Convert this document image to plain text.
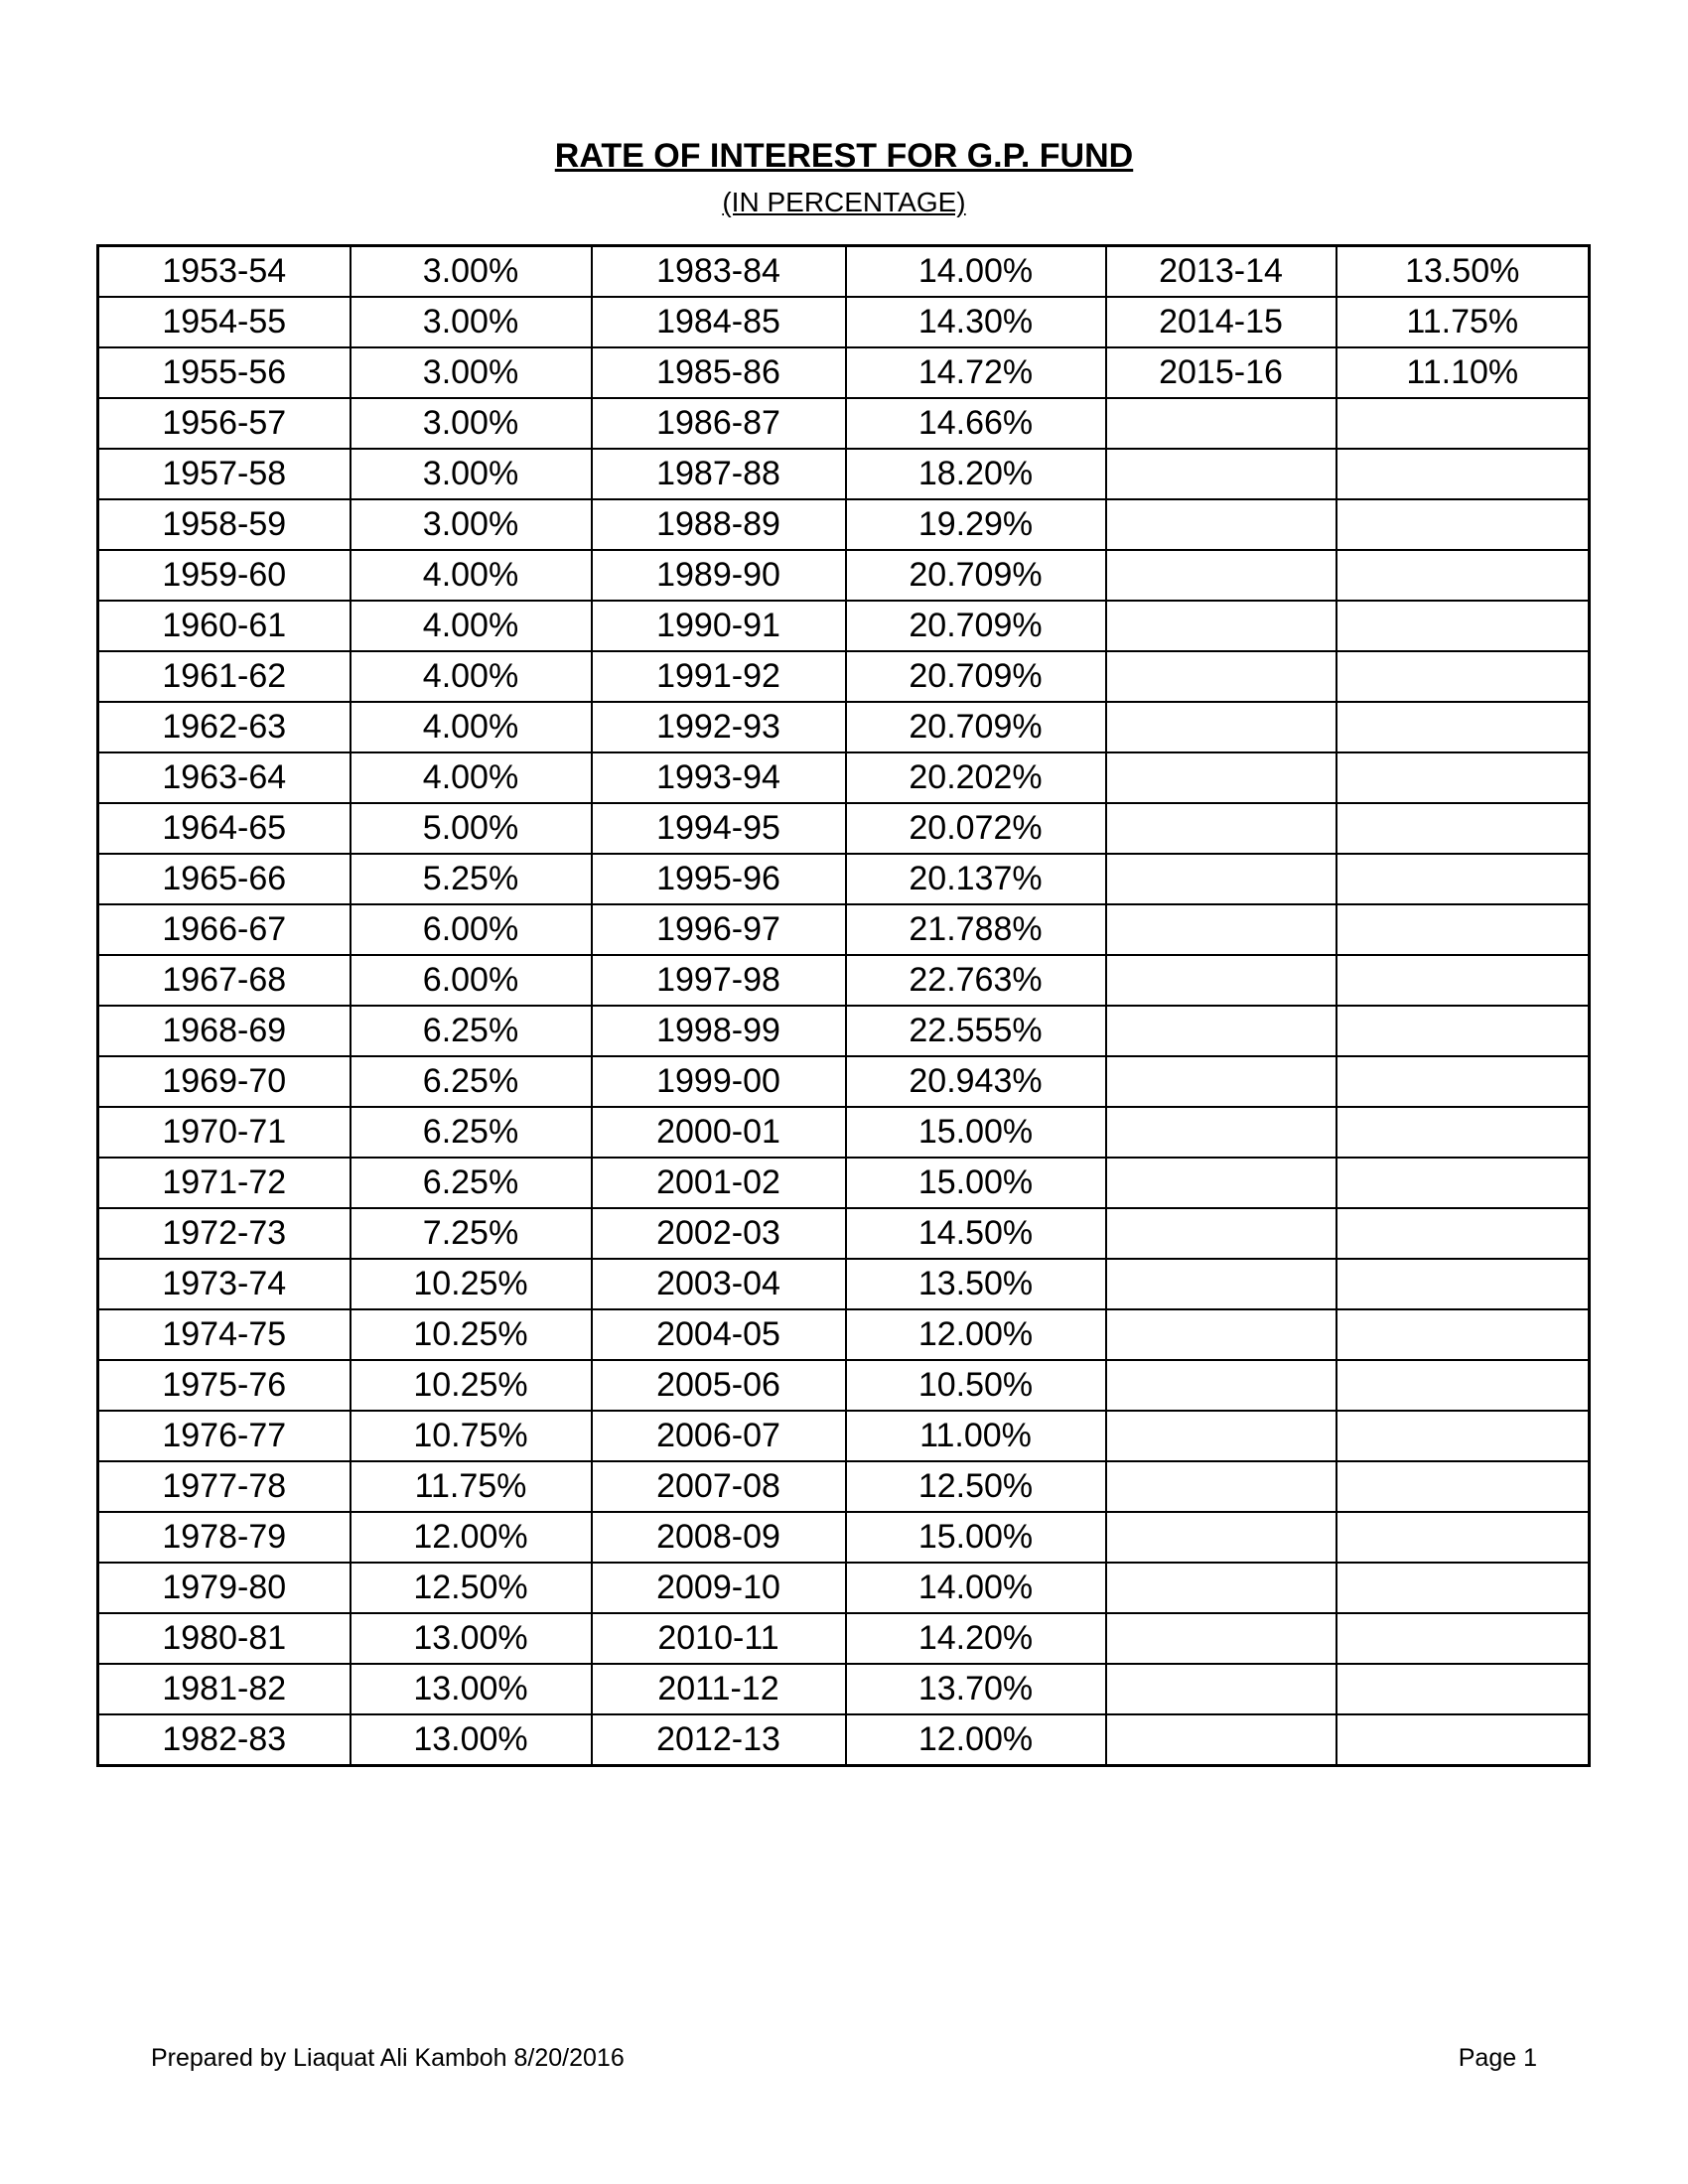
RATE OF INTEREST FOR G.P. FUND
(IN PERCENTAGE)
1953-54	3.00%	1983-84	14.00%	2013-14	13.50%
1954-55	3.00%	1984-85	14.30%	2014-15	11.75%
1955-56	3.00%	1985-86	14.72%	2015-16	11.10%
1956-57	3.00%	1986-87	14.66%		
1957-58	3.00%	1987-88	18.20%		
1958-59	3.00%	1988-89	19.29%		
1959-60	4.00%	1989-90	20.709%		
1960-61	4.00%	1990-91	20.709%		
1961-62	4.00%	1991-92	20.709%		
1962-63	4.00%	1992-93	20.709%		
1963-64	4.00%	1993-94	20.202%		
1964-65	5.00%	1994-95	20.072%		
1965-66	5.25%	1995-96	20.137%		
1966-67	6.00%	1996-97	21.788%		
1967-68	6.00%	1997-98	22.763%		
1968-69	6.25%	1998-99	22.555%		
1969-70	6.25%	1999-00	20.943%		
1970-71	6.25%	2000-01	15.00%		
1971-72	6.25%	2001-02	15.00%		
1972-73	7.25%	2002-03	14.50%		
1973-74	10.25%	2003-04	13.50%		
1974-75	10.25%	2004-05	12.00%		
1975-76	10.25%	2005-06	10.50%		
1976-77	10.75%	2006-07	11.00%		
1977-78	11.75%	2007-08	12.50%		
1978-79	12.00%	2008-09	15.00%		
1979-80	12.50%	2009-10	14.00%		
1980-81	13.00%	2010-11	14.20%		
1981-82	13.00%	2011-12	13.70%		
1982-83	13.00%	2012-13	12.00%		
Prepared by Liaquat Ali Kamboh 8/20/2016	Page 1
